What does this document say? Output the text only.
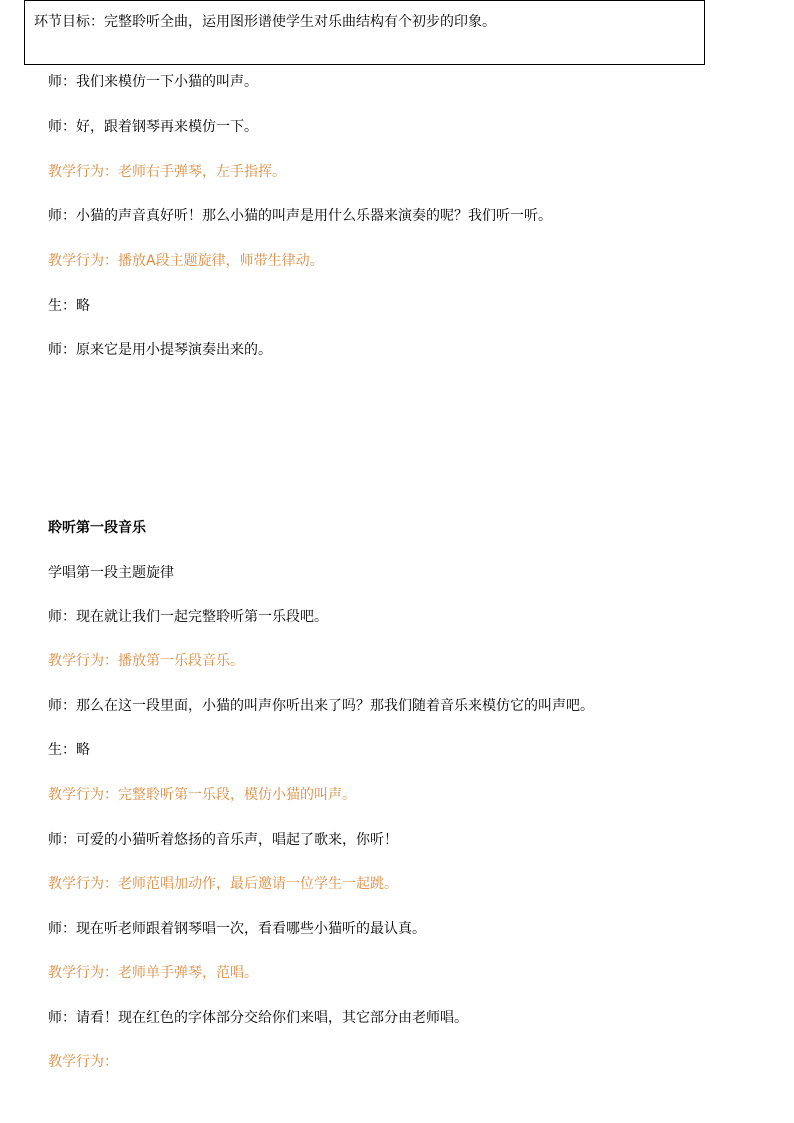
环节目标：完整聆听全曲，运用图形谱使学生对乐曲结构有个初步的印象。
师：我们来模仿一下小猫的叫声。
师：好，跟着钢琴再来模仿一下。
教学行为：老师右手弹琴，左手指挥。
师：小猫的声音真好听！那么小猫的叫声是用什么乐器来演奏的呢？我们听一听。
教学行为：播放A段主题旋律，师带生律动。
生：略
师：原来它是用小提琴演奏出来的。
聆听第一段音乐
学唱第一段主题旋律
师：现在就让我们一起完整聆听第一乐段吧。
教学行为：播放第一乐段音乐。
师：那么在这一段里面，小猫的叫声你听出来了吗？那我们随着音乐来模仿它的叫声吧。
生：略
教学行为：完整聆听第一乐段，模仿小猫的叫声。
师：可爱的小猫听着悠扬的音乐声，唱起了歌来，你听！
教学行为：老师范唱加动作，最后邀请一位学生一起跳。
师：现在听老师跟着钢琴唱一次，看看哪些小猫听的最认真。
教学行为：老师单手弹琴，范唱。
师：请看！现在红色的字体部分交给你们来唱，其它部分由老师唱。
教学行为：
